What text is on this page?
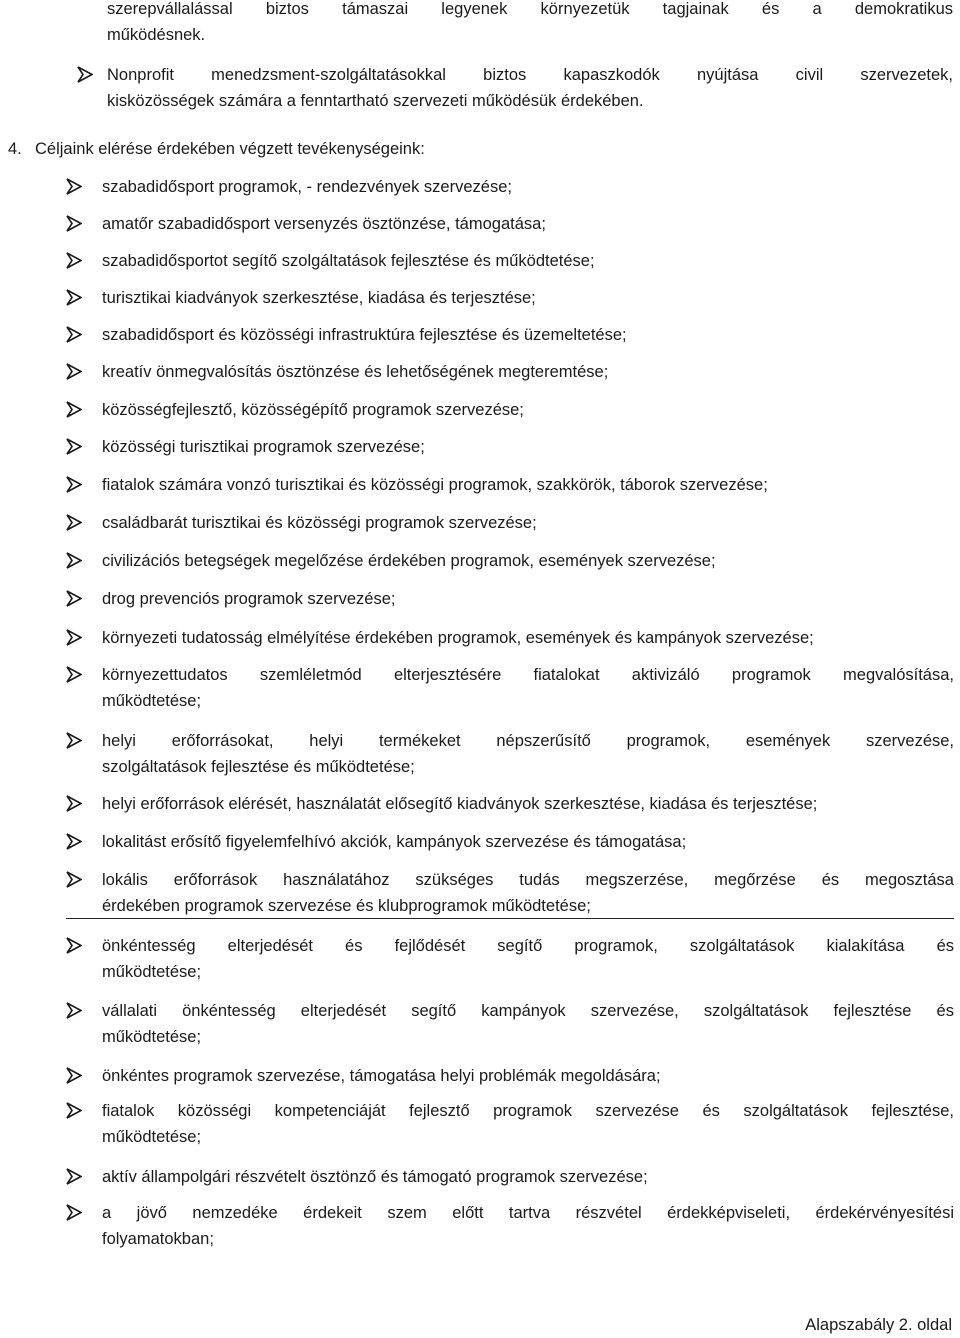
szerepvállalással biztos támaszai legyenek környezetük tagjainak és a demokratikus
működésnek.
Nonprofit menedzsment-szolgáltatásokkal biztos kapaszkodók nyújtása civil szervezetek,
kisközösségek számára a fenntartható szervezeti működésük érdekében.
4. Céljaink elérése érdekében végzett tevékenységeink:
szabadidősport programok, - rendezvények szervezése;
amatőr szabadidősport versenyzés ösztönzése, támogatása;
szabadidősportot segítő szolgáltatások fejlesztése és működtetése;
turisztikai kiadványok szerkesztése, kiadása és terjesztése;
szabadidősport és közösségi infrastruktúra fejlesztése és üzemeltetése;
kreatív önmegvalósítás ösztönzése és lehetőségének megteremtése;
közösségfejlesztő, közösségépítő programok szervezése;
közösségi turisztikai programok szervezése;
fiatalok számára vonzó turisztikai és közösségi programok, szakkörök, táborok szervezése;
családbarát turisztikai és közösségi programok szervezése;
civilizációs betegségek megelőzése érdekében programok, események szervezése;
drog prevenciós programok szervezése;
környezeti tudatosság elmélyítése érdekében programok, események és kampányok szervezése;
környezettudatos szemléletmód elterjesztésére fiatalokat aktivizáló programok megvalósítása,
működtetése;
helyi erőforrásokat, helyi termékeket népszerűsítő programok, események szervezése,
szolgáltatások fejlesztése és működtetése;
helyi erőforrások elérését, használatát elősegítő kiadványok szerkesztése, kiadása és terjesztése;
lokalitást erősítő figyelemfelhívó akciók, kampányok szervezése és támogatása;
lokális erőforrások használatához szükséges tudás megszerzése, megőrzése és megosztása
érdekében programok szervezése és klubprogramok működtetése;
önkéntesség elterjedését és fejlődését segítő programok, szolgáltatások kialakítása és
működtetése;
vállalati önkéntesség elterjedését segítő kampányok szervezése, szolgáltatások fejlesztése és
működtetése;
önkéntes programok szervezése, támogatása helyi problémák megoldására;
fiatalok közösségi kompetenciáját fejlesztő programok szervezése és szolgáltatások fejlesztése,
működtetése;
aktív állampolgári részvételt ösztönző és támogató programok szervezése;
a jövő nemzedéke érdekeit szem előtt tartva részvétel érdekképviseleti, érdekérvényesítési
folyamatokban;
Alapszabály 2. oldal
